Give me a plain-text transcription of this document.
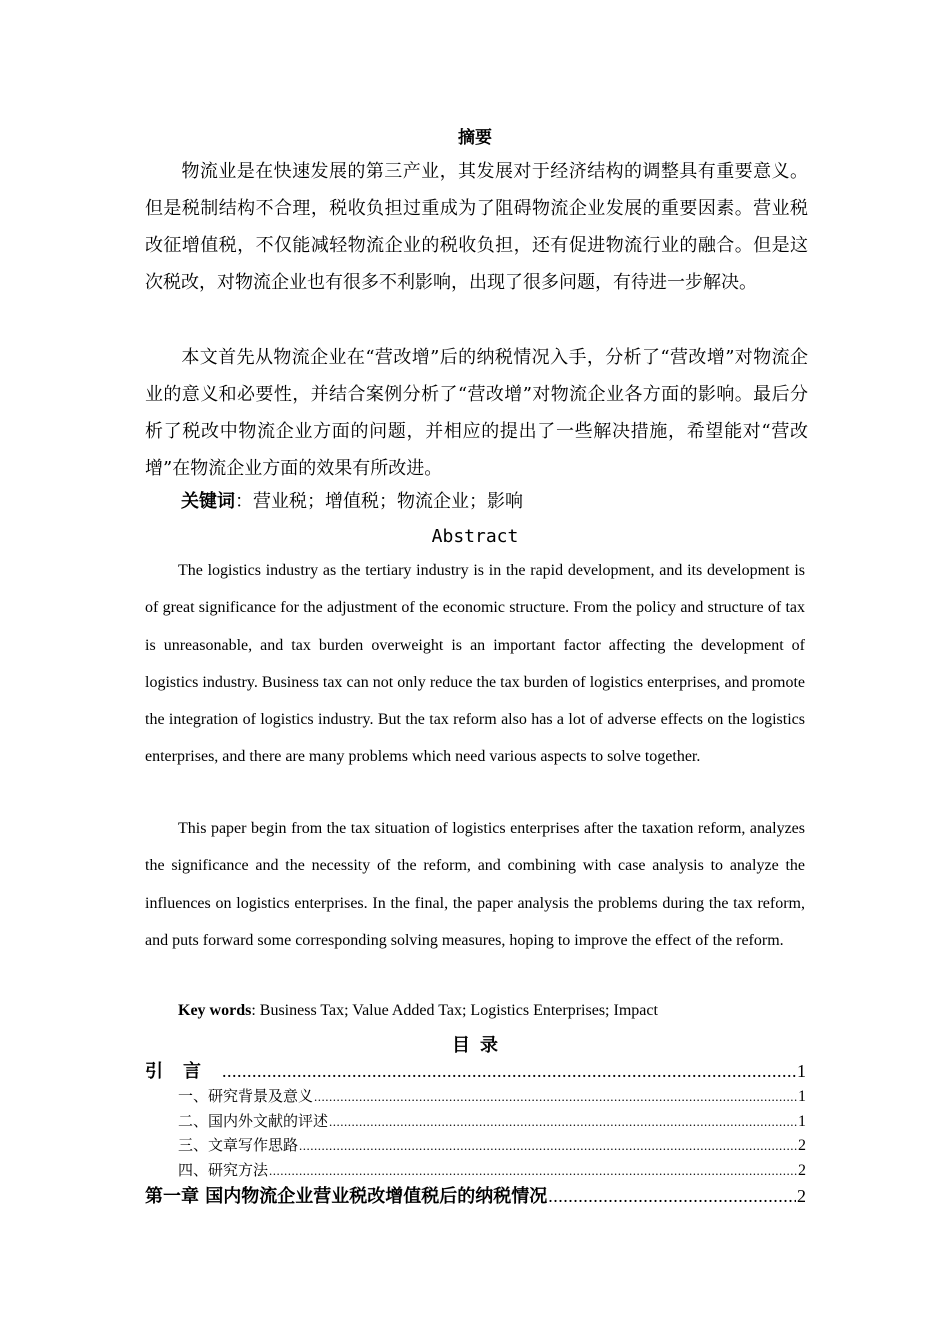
摘要

物流业是在快速发展的第三产业，其发展对于经济结构的调整具有重要意义。但是税制结构不合理，税收负担过重成为了阻碍物流企业发展的重要因素。营业税改征增值税，不仅能减轻物流企业的税收负担，还有促进物流行业的融合。但是这次税改，对物流企业也有很多不利影响，出现了很多问题，有待进一步解决。

本文首先从物流企业在“营改增”后的纳税情况入手，分析了“营改增”对物流企业的意义和必要性，并结合案例分析了“营改增”对物流企业各方面的影响。最后分析了税改中物流企业方面的问题，并相应的提出了一些解决措施，希望能对“营改增”在物流企业方面的效果有所改进。

关键词：营业税；增值税；物流企业；影响
Abstract

The logistics industry as the tertiary industry is in the rapid development, and its development is of great significance for the adjustment of the economic structure. From the policy and structure of tax is unreasonable, and tax burden overweight is an important factor affecting the development of logistics industry. Business tax can not only reduce the tax burden of logistics enterprises, and promote the integration of logistics industry. But the tax reform also has a lot of adverse effects on the logistics enterprises, and there are many problems which need various aspects to solve together.

This paper begin from the tax situation of logistics enterprises after the taxation reform, analyzes the significance and the necessity of the reform, and combining with case analysis to analyze the influences on logistics enterprises. In the final, the paper analysis the problems during the tax reform, and puts forward some corresponding solving measures, hoping to improve the effect of the reform.

Key words: Business Tax; Value Added Tax; Logistics Enterprises; Impact
目录
引言 .....	1
一、研究背景及意义 .....	1
二、国内外文献的评述 .....	1
三、文章写作思路 .....	2
四、研究方法 .....	2
第一章 国内物流企业营业税改增值税后的纳税情况 .....	2
